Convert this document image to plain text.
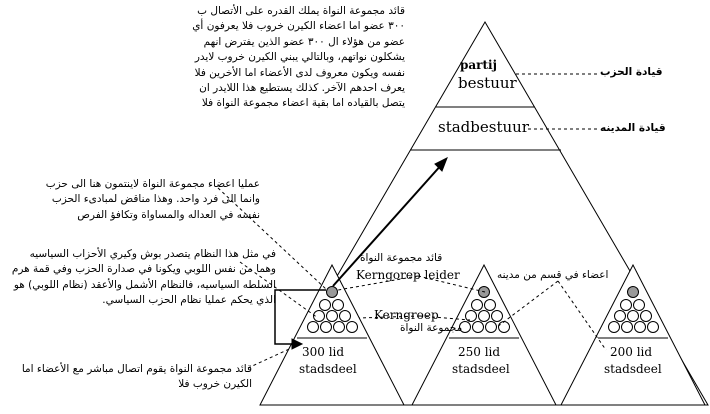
partij
bestuur
stadbestuur
قيادة الحزب
قيادة المدينه
300 lid
stadsdeel
250 lid
stadsdeel
200 lid
stadsdeel
قائد مجموعة النواة
Kerngorep leider	اعضاء في قسم من مدينه
Kerngroep
مجموعة النواة
قائد مجموعة النواة يملك القدره على الأتصال ب ٣٠٠ عضو اما اعضاء الكيرن خروب فلا يعرفون أي عضو من هؤلاء ال ٣٠٠ عضو الذين يفترض انهم يشكلون نواتهم، وبالتالي يبني الكيرن خروب لايدر نفسه ويكون معروف لدى الأعضاء اما الأخرين فلا يعرف احدهم الآخر. كذلك يستطيع هذا اللايدر ان يتصل بالقياده اما بقية اعضاء مجموعة النواة فلا
عمليا اعضاء مجموعة النواة لاينتمون هنا الى حزب وانما الى فرد واحد. وهذا مناقض لمبادىء الحزب نفسه في العداله والمساواة وتكافؤ الفرص
في مثل هذا النظام يتصدر بوش وكيري الأحزاب السياسيه وهما من نفس اللوبي ويكونا في صدارة الحزب وفي قمة هرم السلطه السياسيه، فالنظام الأشمل والأعقد (نظام اللوبي) هو الذي يحكم عمليا نظام الحزب السياسي.
قائد مجموعة النواة يقوم اتصال مباشر مع الأعضاء اما الكيرن خروب فلا
